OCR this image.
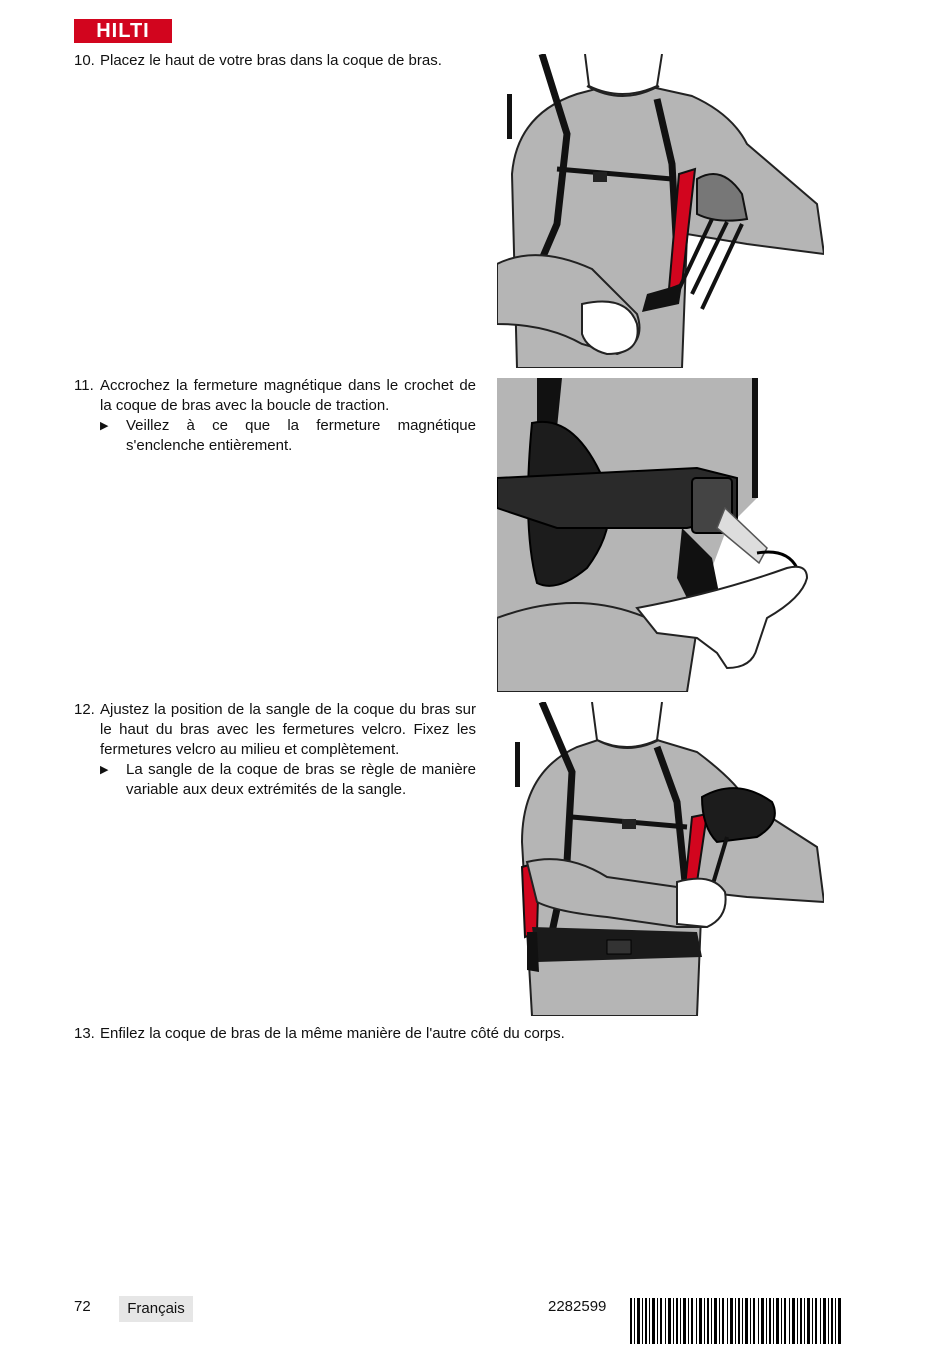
HILTI
10. Placez le haut de votre bras dans la coque de bras.
11. Accrochez la fermeture magnétique dans le crochet de la coque de bras avec la boucle de traction.
▶ Veillez à ce que la fermeture magnétique s'enclenche entièrement.
12. Ajustez la position de la sangle de la coque du bras sur le haut du bras avec les fermetures velcro. Fixez les fermetures velcro au milieu et complètement.
▶ La sangle de la coque de bras se règle de manière variable aux deux extrémités de la sangle.
13. Enfilez la coque de bras de la même manière de l'autre côté du corps.
72	Français	2282599
